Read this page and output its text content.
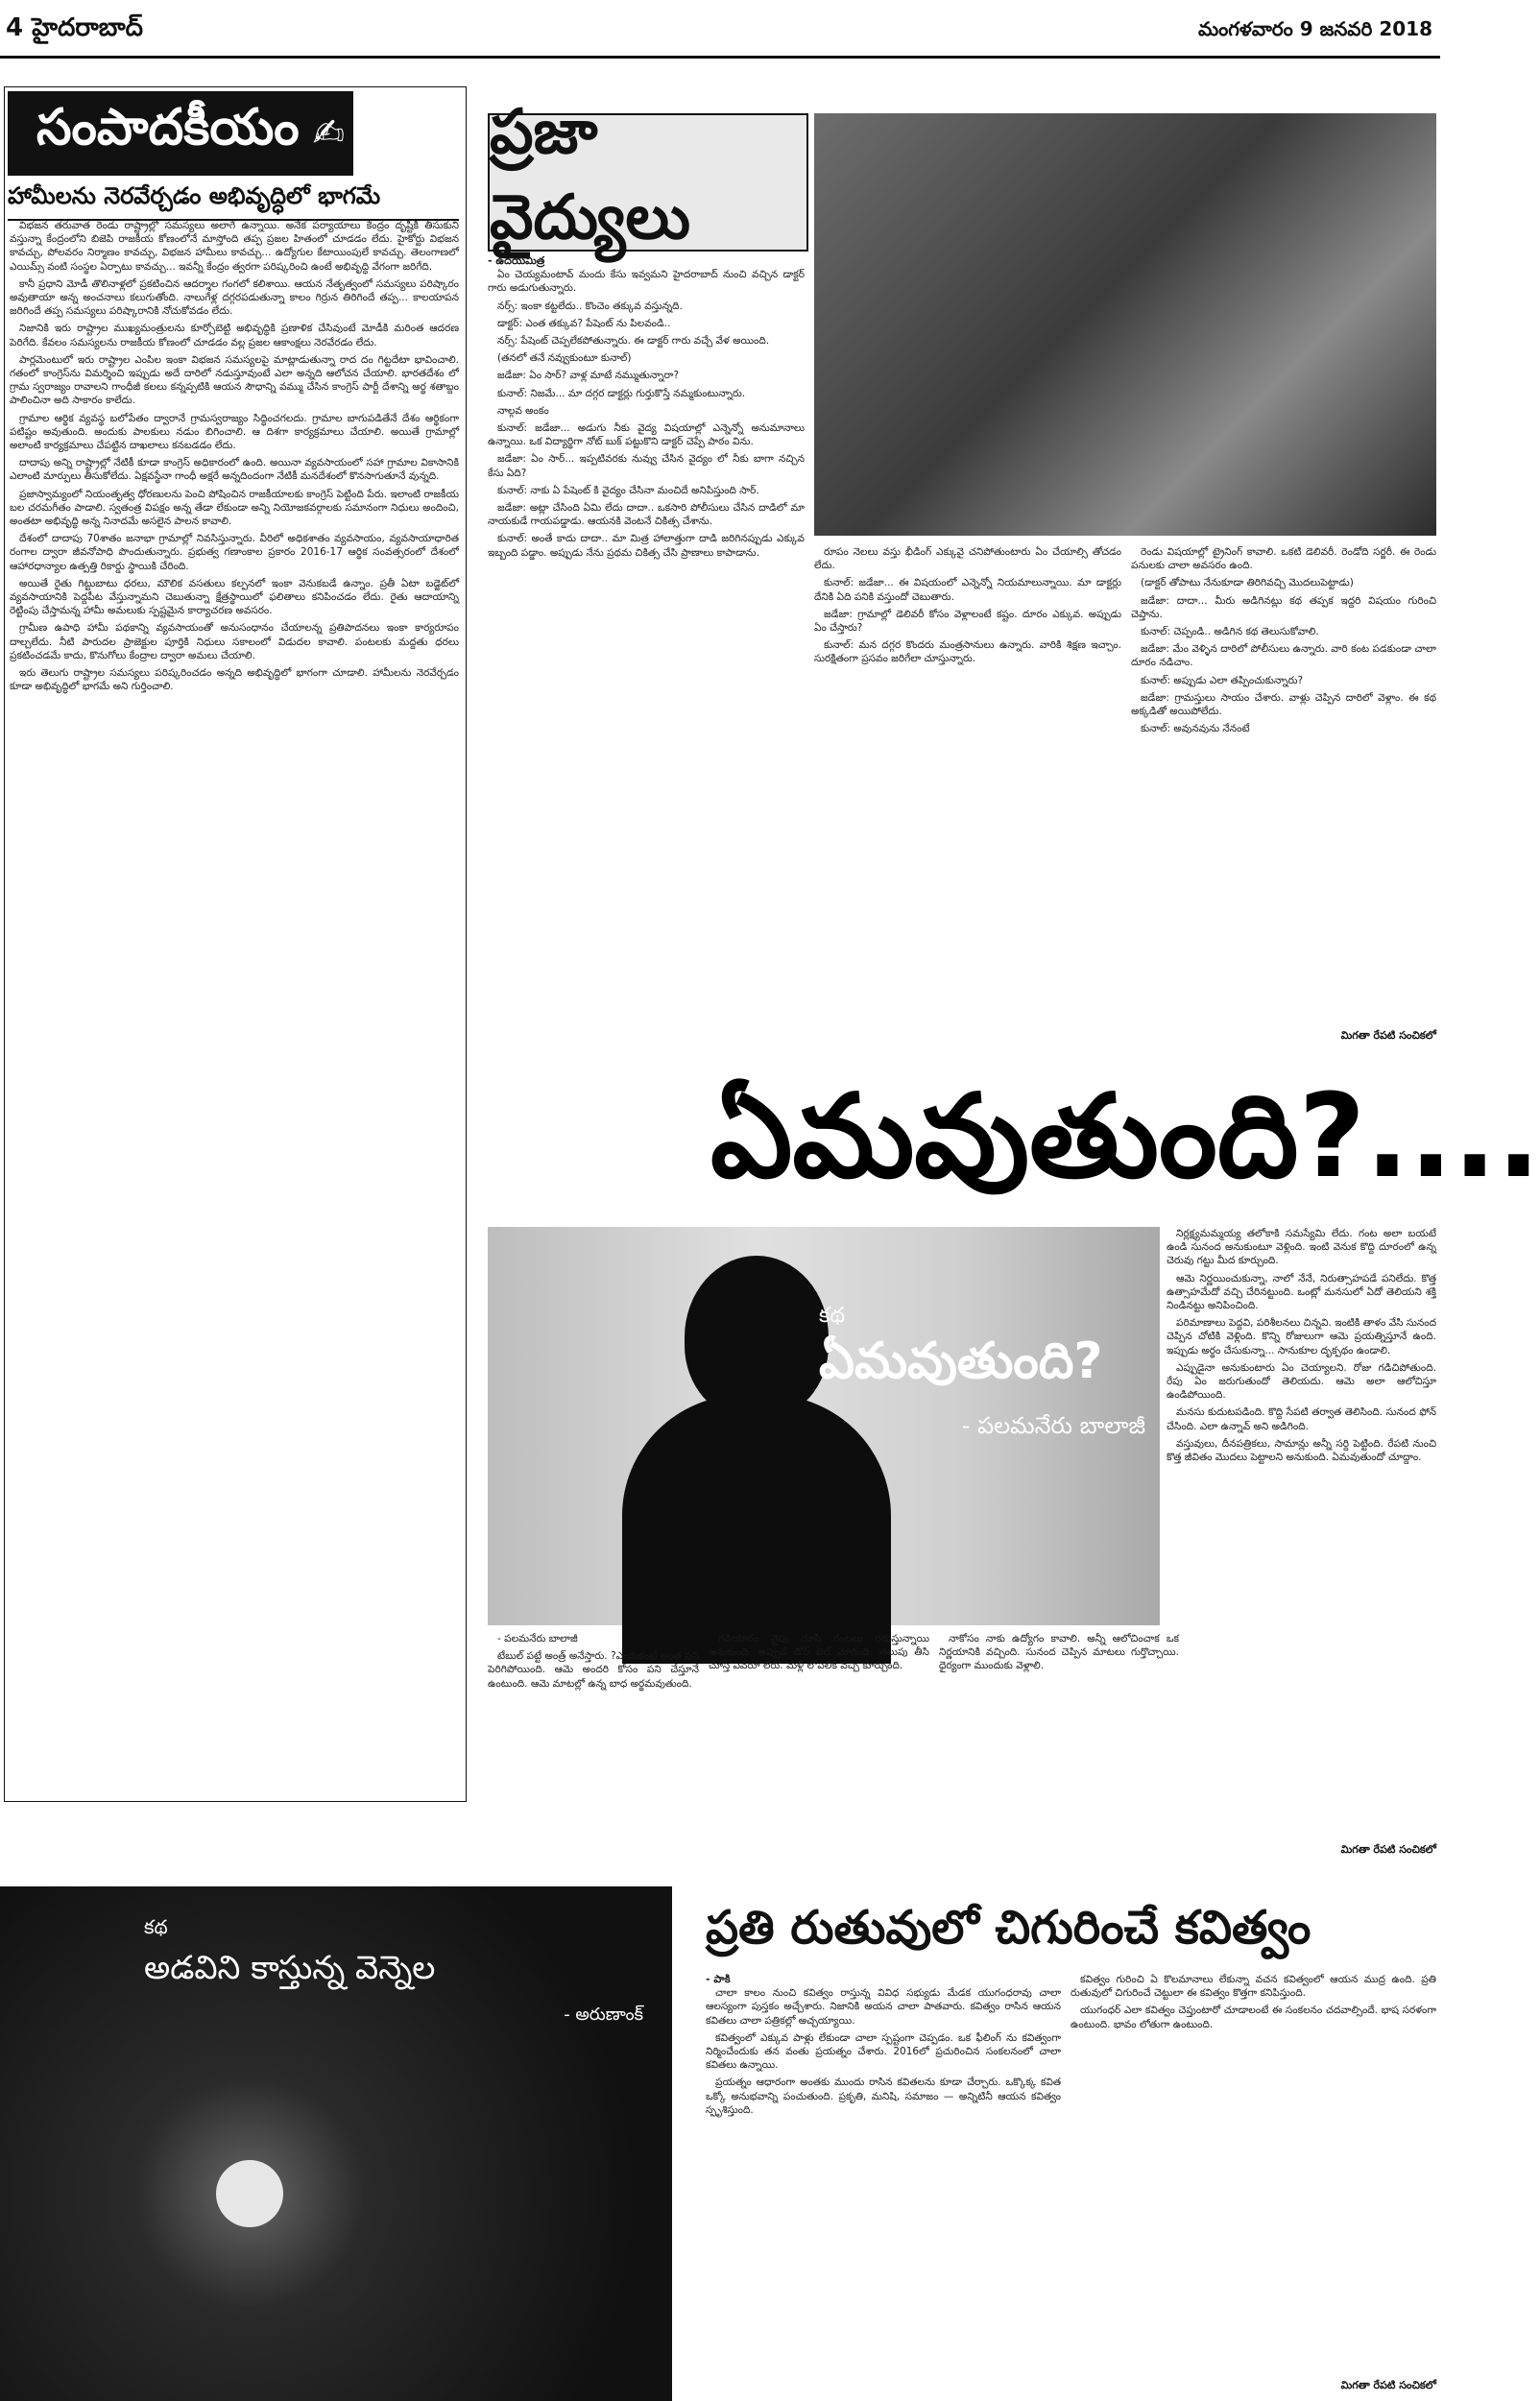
4 హైదరాబాద్	మంగళవారం 9 జనవరి 2018
సంపాదకీయం ✍
హామీలను నెరవేర్చడం అభివృద్ధిలో భాగమే

విభజన తరువాత రెండు రాష్ట్రాల్లో సమస్యలు అలాగే ఉన్నాయి. అనేక పర్యాయాలు కేంద్రం దృష్టికి తీసుకుని వస్తున్నా కేంద్రంలోని బిజెపి రాజకీయ కోణంలోనే మాస్తోంది తప్ప ప్రజల హితంలో చూడడం లేదు. హైకోర్టు విభజన కావచ్చు, పోలవరం నిర్మాణం కావచ్చు, విభజన హామీలు కావచ్చు... ఉద్యోగుల కేటాయింపులే కావచ్చు. తెలంగాణలో ఎయిమ్స్ వంటి సంస్థల ఏర్పాటు కావచ్చు... ఇవన్నీ కేంద్రం త్వరగా పరిష్కరించి ఉంటే అభివృద్ధి వేగంగా జరిగేది.

కానీ ప్రధాని మోడీ తొలినాళ్లలో ప్రకటించిన ఆదర్శాల గంగలో కలిశాయి. ఆయన నేతృత్వంలో సమస్యలు పరిష్కారం అవుతాయా అన్న అంచనాలు కలుగుతోంది. నాలుగేళ్ల దగ్గరపడుతున్నా కాలం గిర్రున తిరిగిందే తప్ప... కాలయాపన జరిగిందే తప్ప సమస్యలు పరిష్కారానికి నోచుకోవడం లేదు.

నిజానికి ఇరు రాష్ట్రాల ముఖ్యమంత్రులను కూర్చోబెట్టి అభివృద్ధికి ప్రణాళిక చేసివుంటే మోడీకి మరింత ఆదరణ పెరిగేది. కేవలం సమస్యలను రాజకీయ కోణంలో చూడడం వల్ల ప్రజల ఆకాంక్షలు నెరవేరడం లేదు.

పార్లమెంటులో ఇరు రాష్ట్రాల ఎంపిల ఇంకా విభజన సమస్యలపై మాట్లాడుతున్నా రాద దం గిట్టదేటా భావించాలి. గతంలో కాంగ్రెస్‌ను విమర్శించి ఇప్పుడు అదే దారిలో నడుస్తూవుంటే ఎలా అన్నది ఆలోచన చేయాలి. భారతదేశం లో గ్రామ స్వరాజ్యం రావాలని గాంధీజీ కలలు కన్నప్పటికి ఆయన సౌధాన్ని వమ్ము చేసిన కాంగ్రెస్ పార్టీ దేశాన్ని అర్థ శతాబ్దం పాలించినా అది సాకారం కాలేదు.

గ్రామాల ఆర్థిక వ్యవస్థ బలోపేతం ద్వారానే గ్రామస్వరాజ్యం సిద్ధించగలదు. గ్రామాల బాగుపడితేనే దేశం ఆర్థికంగా పటిష్టం అవుతుంది. అందుకు పాలకులు నడుం బిగించాలి. ఆ దిశగా కార్యక్రమాలు చేయాలి. అయితే గ్రామాల్లో అలాంటి కార్యక్రమాలు చేపట్టిన దాఖలాలు కనబడడం లేదు.

దాదాపు అన్ని రాష్ట్రాల్లో నేటికీ కూడా కాంగ్రెస్ అధికారంలో ఉంది. అయినా వ్యవసాయంలో సహా గ్రామాల వికాసానికి ఎలాంటి మార్పులు తీసుకోలేదు. ఏక్షవస్థేనా గాంధీ అక్షరే అన్నదిందంగా నేటికీ మనదేశంలో కొనసాగుతూనే వున్నది.

ప్రజాస్వామ్యంలో నియంతృత్వ ధోరణులను పెంచి పోషించిన రాజకీయాలకు కాంగ్రెస్ పెట్టింది పేరు. ఇలాంటి రాజకీయ బల చరమగీతం పాడాలి. స్వతంత్ర విపక్షం అన్న తేడా లేకుండా అన్ని నియోజకవర్గాలకు సమానంగా నిధులు అందించి, అంతటా అభివృద్ధి అన్న నినాదమే అసలైన పాలన కావాలి.

దేశంలో దాదాపు 70శాతం జనాభా గ్రామాల్లో నివసిస్తున్నారు. వీరిలో అధికశాతం వ్యవసాయం, వ్యవసాయాధారిత రంగాల ద్వారా జీవనోపాధి పొందుతున్నారు. ప్రభుత్వ గణాంకాల ప్రకారం 2016-17 ఆర్థిక సంవత్సరంలో దేశంలో ఆహారధాన్యాల ఉత్పత్తి రికార్డు స్థాయికి చేరింది.

అయితే రైతు గిట్టుబాటు ధరలు, మౌలిక వసతులు కల్పనలో ఇంకా వెనుకబడే ఉన్నాం. ప్రతీ ఏటా బడ్జెట్‌లో వ్యవసాయానికి పెద్దపీట వేస్తున్నామని చెబుతున్నా క్షేత్రస్థాయిలో ఫలితాలు కనిపించడం లేదు. రైతు ఆదాయాన్ని రెట్టింపు చేస్తామన్న హామీ అమలుకు స్పష్టమైన కార్యాచరణ అవసరం.

గ్రామీణ ఉపాధి హామీ పథకాన్ని వ్యవసాయంతో అనుసంధానం చేయాలన్న ప్రతిపాదనలు ఇంకా కార్యరూపం దాల్చలేదు. నీటి పారుదల ప్రాజెక్టుల పూర్తికి నిధులు సకాలంలో విడుదల కావాలి. పంటలకు మద్దతు ధరలు ప్రకటించడమే కాదు, కొనుగోలు కేంద్రాల ద్వారా అమలు చేయాలి.

ఇరు తెలుగు రాష్ట్రాల సమస్యలు పరిష్కరించడం అన్నది అభివృద్ధిలో భాగంగా చూడాలి. హామీలను నెరవేర్చడం కూడా అభివృద్ధిలో భాగమే అని గుర్తించాలి.

ప్రజా వైద్యులు
- ఉదయమిత్ర

ఏం చెయ్యమంటావ్ మందు కేసు ఇవ్వమని హైదరాబాద్ నుంచి వచ్చిన డాక్టర్ గారు అడుగుతున్నారు.

నర్స్: ఇంకా కట్టలేదు.. కొంచెం తక్కువ వస్తున్నది.

డాక్టర్: ఎంత తక్కువ? పేషెంట్ ను పిలవండి..

నర్స్: పేషెంట్ చెప్పలేకపోతున్నారు. ఈ డాక్టర్ గారు వచ్చే వేళ అయింది.

(తనలో తనే నవ్వుకుంటూ కునాల్)

జడేజా: ఏం సార్? వాళ్ల మాటే నమ్ముతున్నారా?

కునాల్: నిజమే... మా దగ్గర డాక్టర్లు గుర్తుకొస్తే నమ్మకుంటున్నారు.

నాల్గవ అంకం

కునాల్: జడేజా... అడుగు నీకు వైద్య విషయాల్లో ఎన్నెన్నో అనుమానాలు ఉన్నాయి. ఒక విద్యార్థిగా నోట్ బుక్ పట్టుకొని డాక్టర్ చెప్పే పాఠం విను.

జడేజా: ఏం సార్... ఇప్పటివరకు నువ్వు చేసిన వైద్యం లో నీకు బాగా నచ్చిన కేసు ఏది?

కునాల్: నాకు ఏ పేషెంట్ కి వైద్యం చేసినా మంచిదే అనిపిస్తుంది సార్.

జడేజా: అట్లా చేసింది ఏమి లేదు దాదా.. ఒకసారి పోలీసులు చేసిన దాడిలో మా నాయకుడే గాయపడ్డాడు. ఆయనకి వెంటనే చికిత్స చేశాను.

కునాల్: అంతే కాదు దాదా.. మా మిత్ర హాలాత్తుగా దాడి జరిగినప్పుడు ఎక్కువ ఇబ్బంది పడ్డాం. అప్పుడు నేను ప్రథమ చికిత్స చేసి ప్రాణాలు కాపాడాను.	రూపం నెలలు వస్తు భీడింగ్ ఎక్కువై చనిపోతుంటారు ఏం చేయాల్సి తోచడం లేదు.

కునాల్: జడేజా... ఈ విషయంలో ఎన్నెన్నో నియమాలున్నాయి. మా డాక్టర్లు దేనికి ఏది పనికి వస్తుందో చెబుతారు.

జడేజా: గ్రామాల్లో డెలివరీ కోసం వెళ్లాలంటే కష్టం. దూరం ఎక్కువ. అప్పుడు ఏం చేస్తారు?

కునాల్: మన దగ్గర కొందరు మంత్రసానులు ఉన్నారు. వారికి శిక్షణ ఇచ్చాం. సురక్షితంగా ప్రసవం జరిగేలా చూస్తున్నారు.

రెండు విషయాల్లో ట్రైనింగ్ కావాలి. ఒకటి డెలివరీ. రెండోది సర్జరీ. ఈ రెండు పనులకు చాలా అవసరం ఉంది.

(డాక్టర్ తోపాటు నేనుకూడా తిరిగివచ్చి మొదలుపెట్టాడు)

జడేజా: దాదా... మీరు అడిగినట్లు కథ తప్పక ఇద్దరి విషయం గురించి చెప్తాను.

కునాల్: చెప్పండి.. అడిగిన కథ తెలుసుకోవాలి.

జడేజా: మేం వెళ్ళిన దారిలో పోలీసులు ఉన్నారు. వారి కంట పడకుండా చాలా దూరం నడిచాం.

కునాల్: అప్పుడు ఎలా తప్పించుకున్నారు?

జడేజా: గ్రామస్తులు సాయం చేశారు. వాళ్లు చెప్పిన దారిలో వెళ్లాం. ఈ కథ అక్కడితో అయిపోలేదు.

కునాల్: అవునవును నేనంటే

మిగతా రేపటి సంచికలో
ఏమవుతుంది?....
కథ
ఏమవుతుంది?
- పలమనేరు బాలాజీ

నిర్లక్ష్యమమ్మయ్య తలోకాకి సమస్యేమి లేదు. గంట అలా బయటే ఉండి సునంద అనుకుంటూ వెళ్లింది. ఇంటి వెనుక కొద్ది దూరంలో ఉన్న చెరువు గట్టు మీద కూర్చుంది.

ఆమె నిర్ణయించుకున్నా, నాలో నేనే, నిరుత్సాహపడే పనిలేదు. కొత్త ఉత్సాహమేదో వచ్చి చేరినట్టుంది. ఒంట్లో మనసులో ఏదో తెలియని శక్తి నిండినట్టు అనిపించింది.

పరిమాణాలు పెద్దవి, పరిశీలనలు చిన్నవి. ఇంటికి తాళం వేసి సునంద చెప్పిన చోటికి వెళ్లింది. కొన్ని రోజులుగా ఆమె ప్రయత్నిస్తూనే ఉంది. ఇప్పుడు అర్థం చేసుకున్నా... సానుకూల దృక్పథం ఉండాలి.

ఎప్పుడైనా అనుకుంటారు ఏం చెయ్యాలని. రోజు గడిచిపోతుంది. రేపు ఏం జరుగుతుందో తెలియదు. ఆమె అలా ఆలోచిస్తూ ఉండిపోయింది.

మనసు కుదుటపడింది. కొద్ది సేపటి తర్వాత తెలిసింది. సునంద ఫోన్ చేసింది. ఎలా ఉన్నావ్ అని అడిగింది.

వస్తువులు, దీనపత్రికలు, సామాన్లు అన్నీ సర్ది పెట్టింది. రేపటి నుంచి కొత్త జీవితం మొదలు పెట్టాలని అనుకుంది. ఏమవుతుందో చూద్దాం.

- పలమనేరు బాలాజీ

టేబుల్ పట్టే అంత్ర్ అనేస్తారు. ?ఎందుకంటే అంత పని పెరిగిపోయింది. ఆమె అందరి కోసం పని చేస్తూనే ఉంటుంది. ఆమె మాటల్లో ఉన్న బాధ అర్థమవుతుంది.

గడియారం వైపు చూసి గంటలు గడుస్తున్నాయి అనుకుంది. అప్పుడే డోర్ బెల్ మోగింది. తలుపు తీసి చూస్తే ఎవరూ లేరు. మళ్లీ లోపలికి వచ్చి కూర్చుంది.

నాకోసం నాకు ఉద్యోగం కావాలి. అన్నీ ఆలోచించాక ఒక నిర్ణయానికి వచ్చింది. సునంద చెప్పిన మాటలు గుర్తొచ్చాయి. ధైర్యంగా ముందుకు వెళ్లాలి.

మిగతా రేపటి సంచికలో
కథ
అడవిని కాస్తున్న వెన్నెల
- అరుణాంక్
ప్రతి రుతువులో చిగురించే కవిత్వం
- పాకి

చాలా కాలం నుంచి కవిత్వం రాస్తున్న వివిధ సభ్యుడు మేడక యుగంధరావు చాలా ఆలస్యంగా పుస్తకం అచ్చేశారు. నిజానికి అయన చాలా పాతవారు. కవిత్వం రాసిన ఆయన కవితలు చాలా పత్రికల్లో అచ్చయ్యాయి.

కవిత్వంలో ఎక్కువ పాళ్లు లేకుండా చాలా స్పష్టంగా చెప్పడం. ఒక ఫీలింగ్ ను కవిత్వంగా నిర్మించేందుకు తన వంతు ప్రయత్నం చేశారు. 2016లో ప్రచురించిన సంకలనంలో చాలా కవితలు ఉన్నాయి.

ప్రయత్నం ఆధారంగా అంతకు ముందు రాసిన కవితలను కూడా చేర్చారు. ఒక్కొక్క కవిత ఒక్కో అనుభవాన్ని పంచుతుంది. ప్రకృతి, మనిషి, సమాజం — అన్నిటినీ ఆయన కవిత్వం స్పృశిస్తుంది.

కవిత్వం గురించి ఏ కొలమానాలు లేకున్నా వచన కవిత్వంలో ఆయన ముద్ర ఉంది. ప్రతి రుతువులో చిగురించే చెట్టులా ఈ కవిత్వం కొత్తగా కనిపిస్తుంది.

యుగంధర్ ఎలా కవిత్వం చెప్తుంటారో చూడాలంటే ఈ సంకలనం చదవాల్సిందే. భాష సరళంగా ఉంటుంది. భావం లోతుగా ఉంటుంది.

మిగతా రేపటి సంచికలో
